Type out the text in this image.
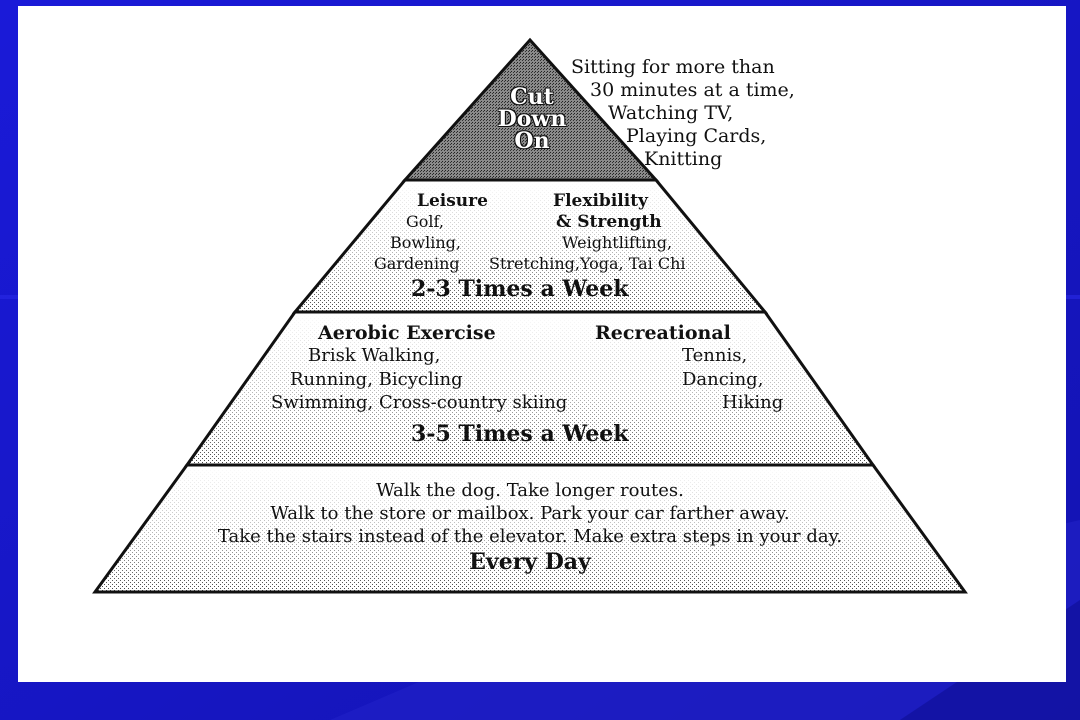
Cut
Down
On
Sitting for more than
30 minutes at a time,
Watching TV,
Playing Cards,
Knitting
Leisure
Golf,
Bowling,
Gardening
Flexibility
& Strength
Weightlifting,
Stretching,Yoga, Tai Chi
2-3 Times a Week
Aerobic Exercise
Brisk Walking,
Running, Bicycling
Swimming, Cross-country skiing
Recreational
Tennis,
Dancing,
Hiking
3-5 Times a Week
Walk the dog. Take longer routes.
Walk to the store or mailbox. Park your car farther away.
Take the stairs instead of the elevator. Make extra steps in your day.
Every Day
